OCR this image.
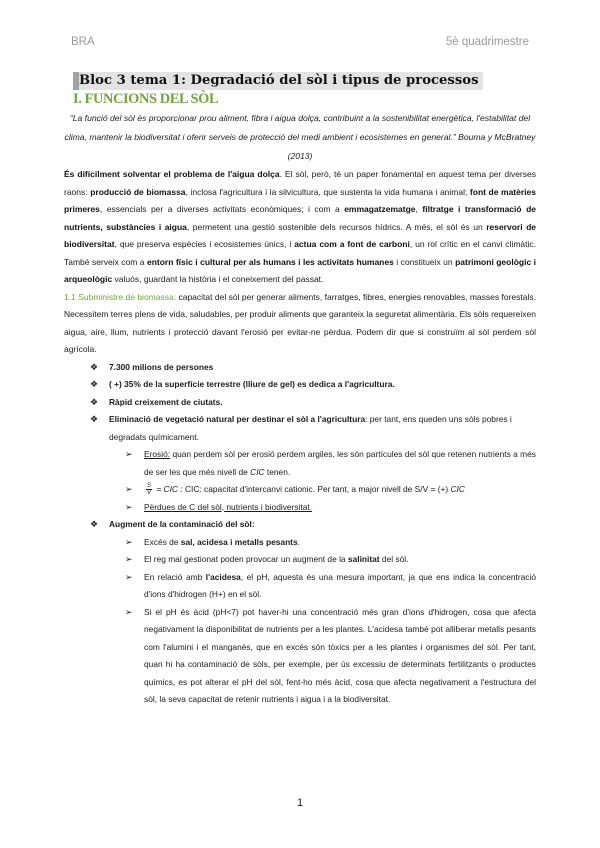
BRA	5è quadrimestre
Bloc 3 tema 1: Degradació del sòl i tipus de processos
I. FUNCIONS DEL SÒL
“La funció del sòl és proporcionar prou aliment, fibra i aigua dolça, contribuint a la sostenibilitat energètica, l'estabilitat del clima, mantenir la biodiversitat i oferir serveis de protecció del medi ambient i ecosistemes en general.” Bouma y McBratney (2013)
És difícilment solventar el problema de l'aigua dolça. El sòl, però, té un paper fonamental en aquest tema per diverses raons: producció de biomassa, inclosa l'agricultura i la silvicultura, que sustenta la vida humana i animal; font de matèries primeres, essencials per a diverses activitats econòmiques; i com a emmagatzematge, filtratge i transformació de nutrients, substàncies i aigua, permetent una gestió sostenible dels recursos hídrics. A més, el sòl és un reservori de biodiversitat, que preserva espècies i ecosistemes únics, i actua com a font de carboni, un rol crític en el canvi climàtic. També serveix com a entorn físic i cultural per als humans i les activitats humanes i constitueix un patrimoni geològic i arqueològic valuós, guardant la història i el coneixement del passat.
1.1 Subministre de biomassa: capacitat del sòl per generar aliments, farratges, fibres, energies renovables, masses forestals. Necessitem terres plens de vida, saludables, per produir aliments que garanteix la seguretat alimentària. Els sòls requereixen aigua, aire, llum, nutrients i protecció davant l'erosió per evitar-ne pèrdua. Podem dir que si construïm al sòl perdem sòl agrícola.
❖ 7.300 milions de persones
❖ ( +) 35% de la superfície terrestre (lliure de gel) es dedica a l'agricultura.
❖ Ràpid creixement de ciutats.
❖ Eliminació de vegetació natural per destinar el sòl a l'agricultura: per tant, ens queden uns sòls pobres i degradats químicament.
➢ Erosió: quan perdem sòl per erosió perdem argiles, les són partícules del sòl que retenen nutrients a més de ser les que més nivell de CIC tenen.
➢ $\frac{S}{V}$ = CIC : CIC: capacitat d'intercanvi cationic. Per tant, a major nivell de S/V = (+) CIC
➢ Pèrdues de C del sòl, nutrients i biodiversitat.
❖ Augment de la contaminació del sòl:
➢ Excés de sal, acidesa i metalls pesants.
➢ El reg mal gestionat poden provocar un augment de la salinitat del sòl.
➢ En relació amb l'acidesa, el pH, aquesta és una mesura important, ja que ens indica la concentració d'ions d'hidrogen (H+) en el sòl.
➢ Si el pH és àcid (pH<7) pot haver-hi una concentració més gran d'ions d'hidrogen, cosa que afecta negativament la disponibilitat de nutrients per a les plantes. L'acidesa també pot alliberar metalls pesants com l'alumini i el manganès, que en excés són tòxics per a les plantes i organismes del sòl. Per tant, quan hi ha contaminació de sòls, per exemple, per ús excessiu de determinats fertilitzants o productes químics, es pot alterar el pH del sòl, fent-ho més àcid, cosa que afecta negativament a l'estructura del sòl, la seva capacitat de retenir nutrients i aigua i a la biodiversitat.
1
